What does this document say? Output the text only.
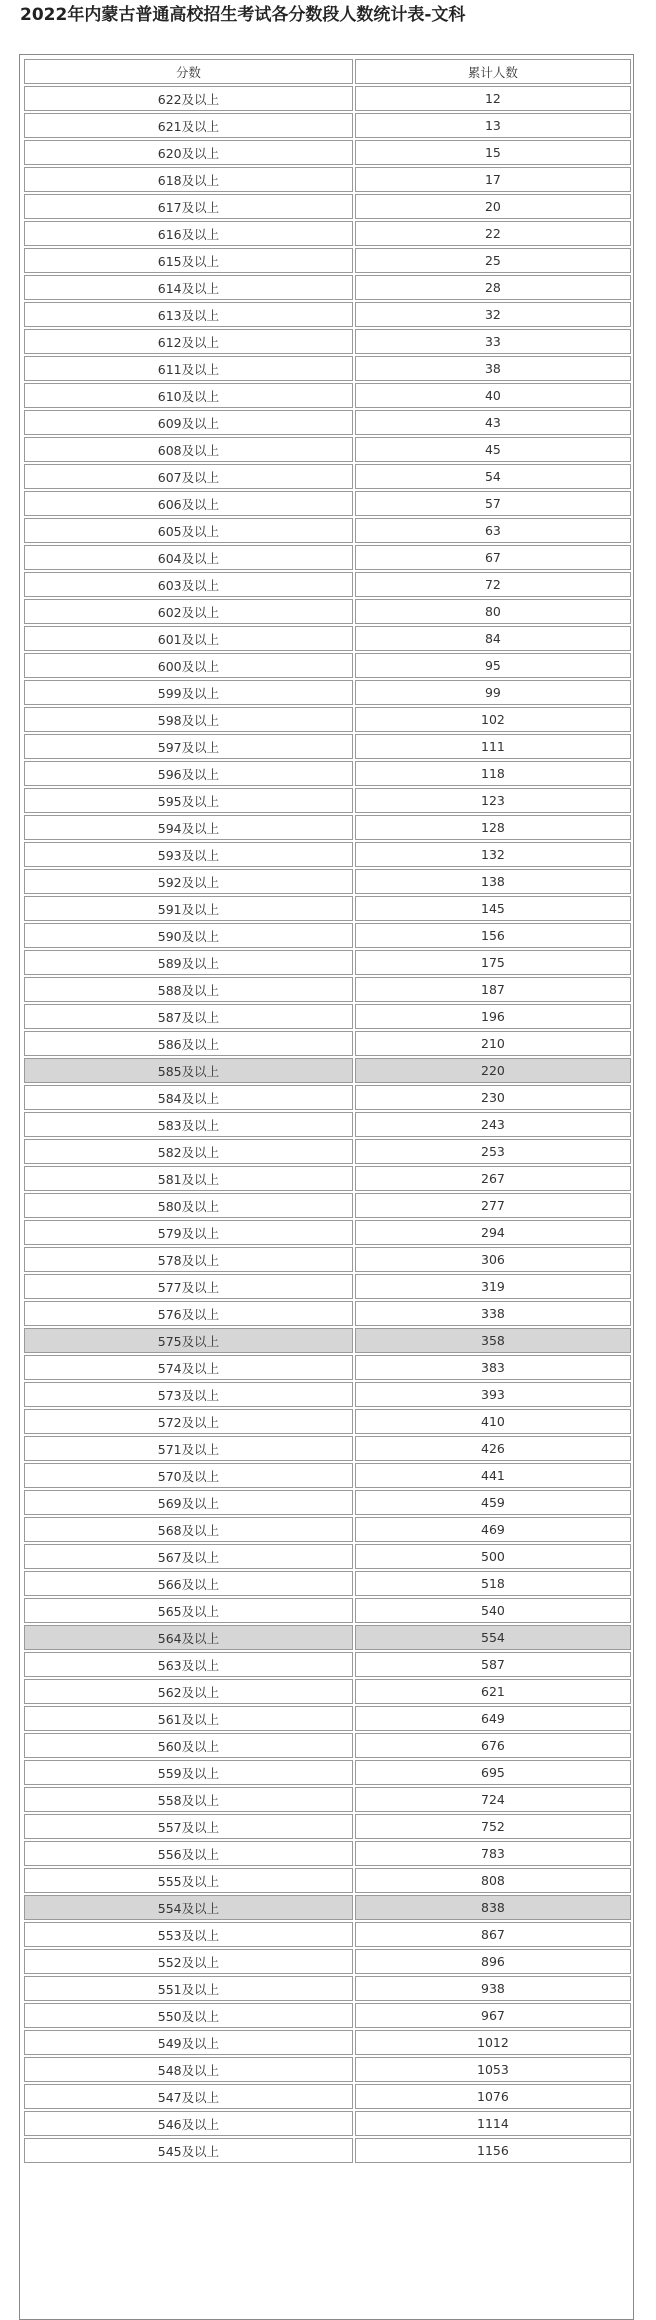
2022年内蒙古普通高校招生考试各分数段人数统计表-文科
分数	累计人数
622及以上	12
621及以上	13
620及以上	15
618及以上	17
617及以上	20
616及以上	22
615及以上	25
614及以上	28
613及以上	32
612及以上	33
611及以上	38
610及以上	40
609及以上	43
608及以上	45
607及以上	54
606及以上	57
605及以上	63
604及以上	67
603及以上	72
602及以上	80
601及以上	84
600及以上	95
599及以上	99
598及以上	102
597及以上	111
596及以上	118
595及以上	123
594及以上	128
593及以上	132
592及以上	138
591及以上	145
590及以上	156
589及以上	175
588及以上	187
587及以上	196
586及以上	210
585及以上	220
584及以上	230
583及以上	243
582及以上	253
581及以上	267
580及以上	277
579及以上	294
578及以上	306
577及以上	319
576及以上	338
575及以上	358
574及以上	383
573及以上	393
572及以上	410
571及以上	426
570及以上	441
569及以上	459
568及以上	469
567及以上	500
566及以上	518
565及以上	540
564及以上	554
563及以上	587
562及以上	621
561及以上	649
560及以上	676
559及以上	695
558及以上	724
557及以上	752
556及以上	783
555及以上	808
554及以上	838
553及以上	867
552及以上	896
551及以上	938
550及以上	967
549及以上	1012
548及以上	1053
547及以上	1076
546及以上	1114
545及以上	1156
